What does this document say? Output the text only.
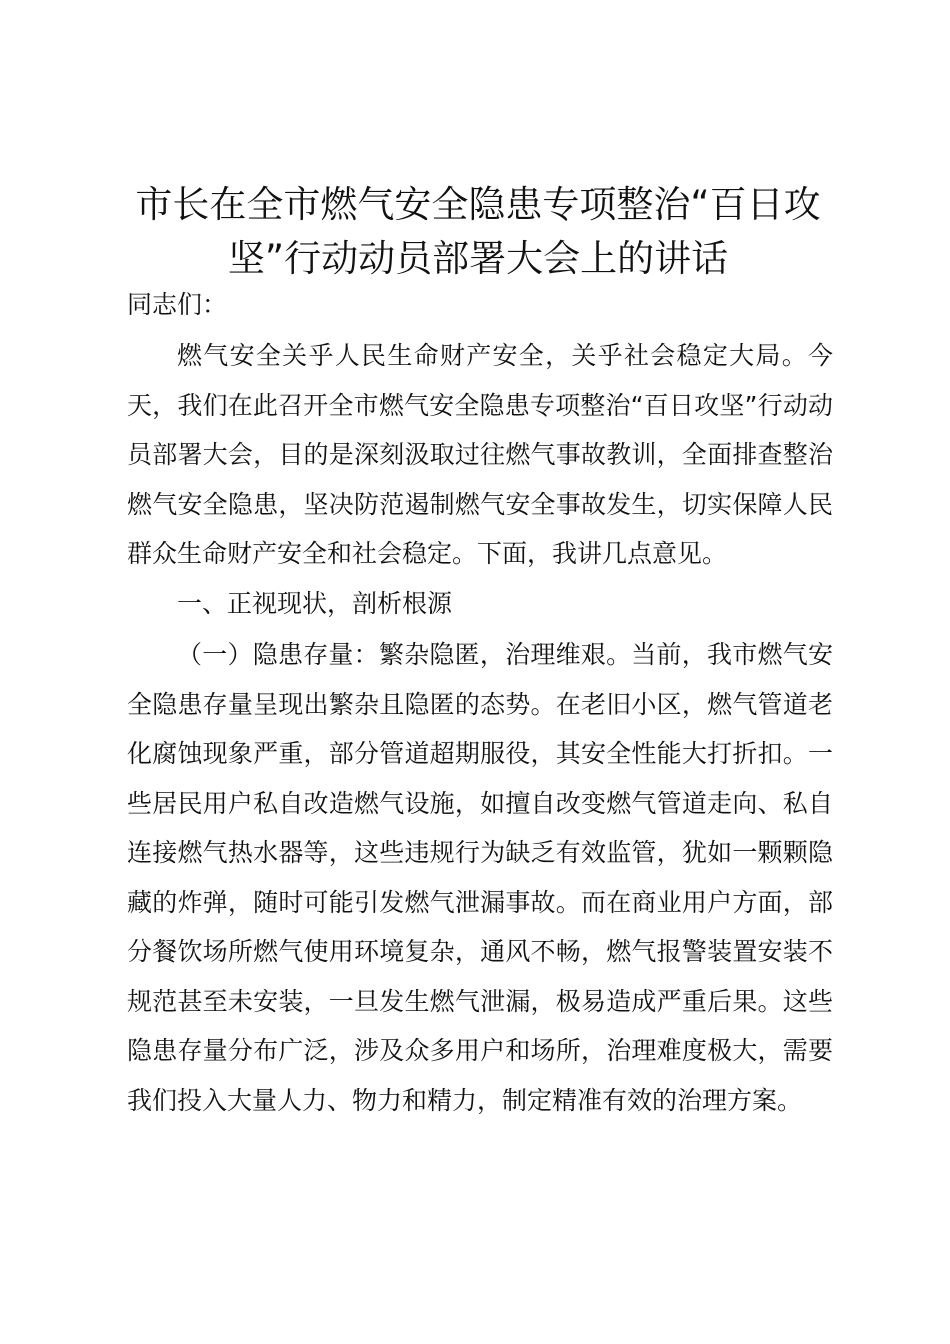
市长在全市燃气安全隐患专项整治“百日攻
坚”行动动员部署大会上的讲话

同志们：

燃气安全关乎人民生命财产安全，关乎社会稳定大局。今天，我们在此召开全市燃气安全隐患专项整治“百日攻坚”行动动员部署大会，目的是深刻汲取过往燃气事故教训，全面排查整治燃气安全隐患，坚决防范遏制燃气安全事故发生，切实保障人民群众生命财产安全和社会稳定。下面，我讲几点意见。

一、正视现状，剖析根源

（一）隐患存量：繁杂隐匿，治理维艰。当前，我市燃气安全隐患存量呈现出繁杂且隐匿的态势。在老旧小区，燃气管道老化腐蚀现象严重，部分管道超期服役，其安全性能大打折扣。一些居民用户私自改造燃气设施，如擅自改变燃气管道走向、私自连接燃气热水器等，这些违规行为缺乏有效监管，犹如一颗颗隐藏的炸弹，随时可能引发燃气泄漏事故。而在商业用户方面，部分餐饮场所燃气使用环境复杂，通风不畅，燃气报警装置安装不规范甚至未安装，一旦发生燃气泄漏，极易造成严重后果。这些隐患存量分布广泛，涉及众多用户和场所，治理难度极大，需要我们投入大量人力、物力和精力，制定精准有效的治理方案。
